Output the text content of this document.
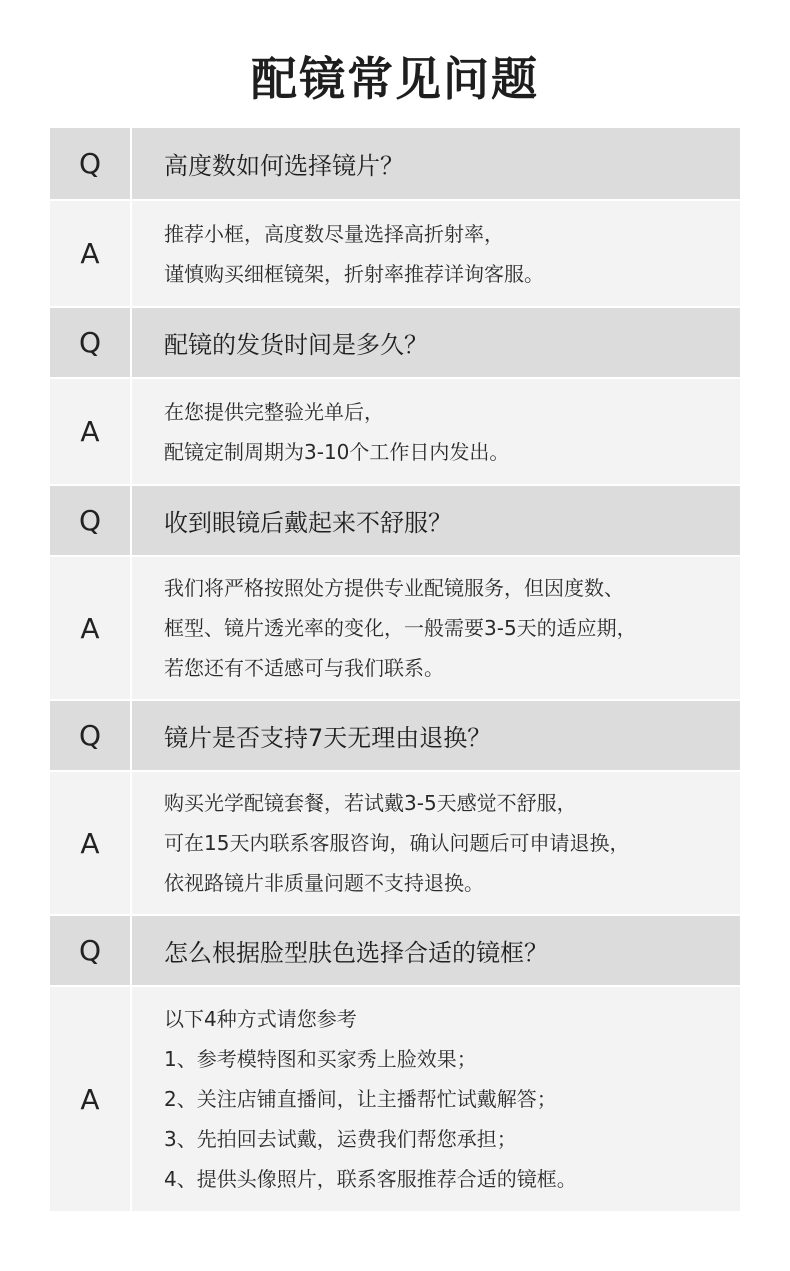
配镜常见问题
Q	高度数如何选择镜片？
A
推荐小框，高度数尽量选择高折射率，
谨慎购买细框镜架，折射率推荐详询客服。
Q	配镜的发货时间是多久？
A
在您提供完整验光单后，
配镜定制周期为3-10个工作日内发出。
Q	收到眼镜后戴起来不舒服？
A
我们将严格按照处方提供专业配镜服务，但因度数、
框型、镜片透光率的变化，一般需要3-5天的适应期，
若您还有不适感可与我们联系。
Q	镜片是否支持7天无理由退换？
A
购买光学配镜套餐，若试戴3-5天感觉不舒服，
可在15天内联系客服咨询，确认问题后可申请退换，
依视路镜片非质量问题不支持退换。
Q	怎么根据脸型肤色选择合适的镜框？
A
以下4种方式请您参考
1、参考模特图和买家秀上脸效果；
2、关注店铺直播间，让主播帮忙试戴解答；
3、先拍回去试戴，运费我们帮您承担；
4、提供头像照片，联系客服推荐合适的镜框。
